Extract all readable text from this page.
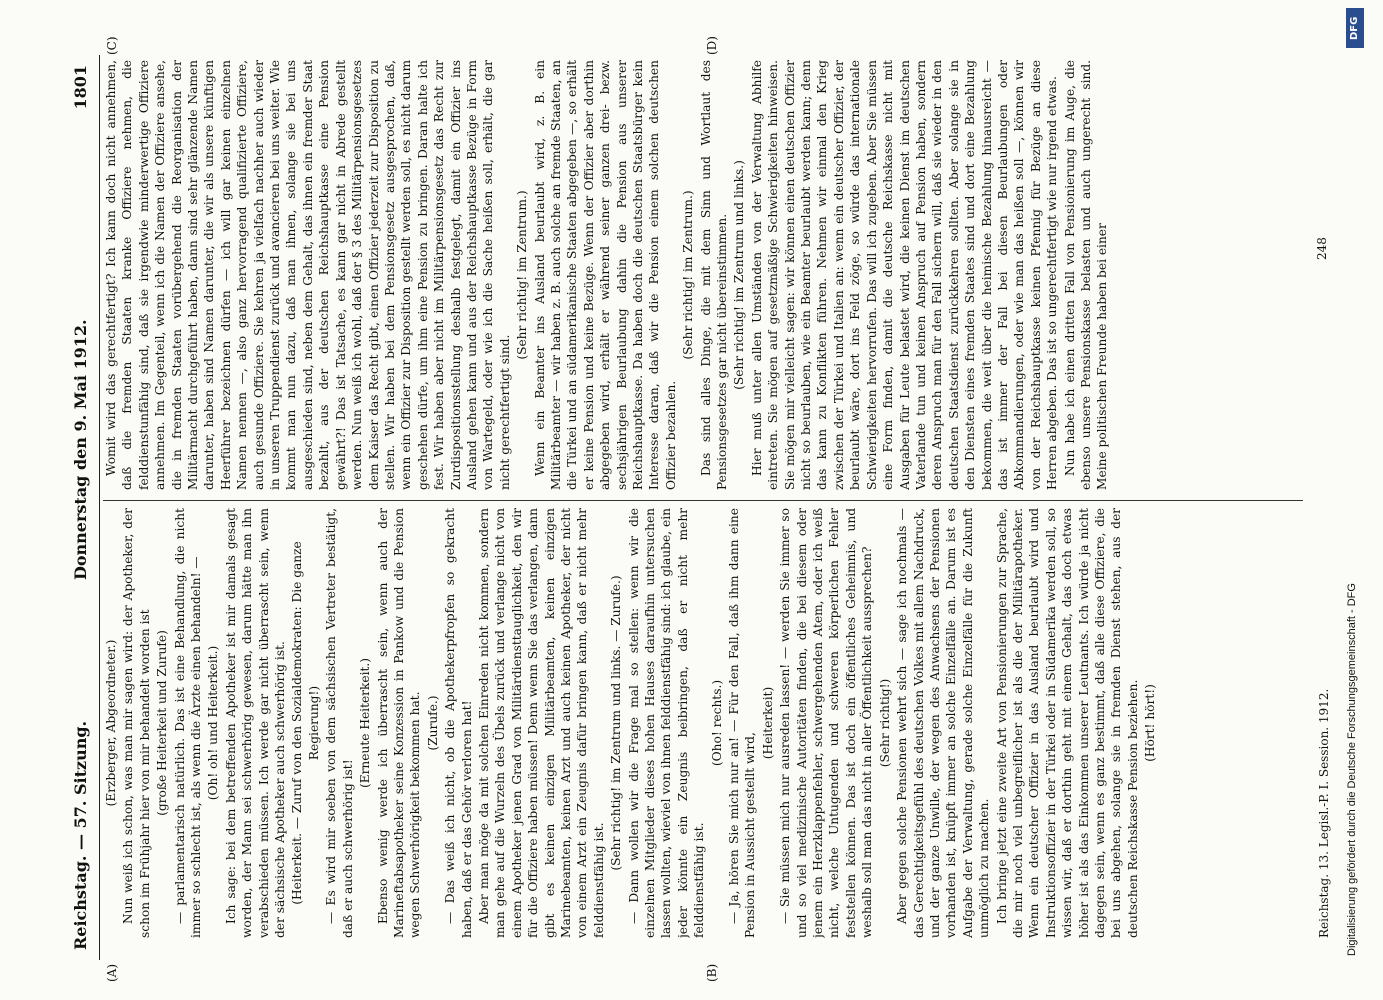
Reichstag. — 57. Sitzung.
Donnerstag den 9. Mai 1912.
1801

(Erzberger, Abgeordneter.) Nun weiß ich schon, was man mir sagen wird: der Apotheker, der schon im Frühjahr hier von mir behandelt worden ist (große Heiterkeit und Zurufe) — parlamentarisch natürlich. Das ist eine Behandlung, die nicht immer so schlecht ist, als wenn die Ärzte einen behandeln! — (Oh! oh! und Heiterkeit.) Ich sage: bei dem betreffenden Apotheker ist mir damals gesagt worden, der Mann sei schwerhörig gewesen, darum hätte man ihn verabschieden müssen. Ich werde gar nicht überrascht sein, wenn der sächsische Apotheker auch schwerhörig ist. (Heiterkeit. — Zuruf von den Sozialdemokraten: Die ganze Regierung!) — Es wird mir soeben von dem sächsischen Vertreter bestätigt, daß er auch schwerhörig ist!

(Erneute Heiterkeit.) Ebenso wenig werde ich überrascht sein, wenn auch der Marineftabsapotheker seine Konzession in Pankow und die Pension wegen Schwerhörigkeit bekommen hat. (Zurufe.) — Das weiß ich nicht, ob die Apothekerpfropfen so gekracht haben, daß er das Gehör verloren hat! Aber man möge da mit solchen Einreden nicht kommen, sondern man gehe auf die Wurzeln des Übels zurück und verlange nicht von einem Apotheker jenen Grad von Militärdiensttauglichkeit, den wir für die Offiziere haben müssen! Denn wenn Sie das verlangen, dann gibt es keinen einzigen Militärbeamten, keinen einzigen Marinebeamten, keinen Arzt und auch keinen Apotheker, der nicht von einem Arzt ein Zeugnis dafür bringen kann, daß er nicht mehr felddienstfähig ist.

(Sehr richtig! im Zentrum und links. — Zurufe.) — Dann wollen wir die Frage mal so stellen: wenn wir die einzelnen Mitglieder dieses hohen Hauses daraufhin untersuchen lassen wollten, wieviel von ihnen felddienstfähig sind: ich glaube, ein jeder könnte ein Zeugnis beibringen, daß er nicht mehr felddienstfähig ist.

(Oho! rechts.) — Ja, hören Sie mich nur an! — Für den Fall, daß ihm dann eine Pension in Aussicht gestellt wird,

(Heiterkeit) — Sie müssen mich nur ausreden lassen! — werden Sie immer so und so viel medizinische Autoritäten finden, die bei diesem oder jenem ein Herzklappenfehler, schwergehenden Atem, oder ich weiß nicht, welche Untugenden und schweren körperlichen Fehler feststellen können. Das ist doch ein öffentliches Geheimnis, und weshalb soll man das nicht in aller Öffentlichkeit aussprechen? (Sehr richtig!) Aber gegen solche Pensionen wehrt sich — sage ich nochmals — das Gerechtigkeitsgefühl des deutschen Volkes mit allem Nachdruck, und der ganze Unwille, der wegen des Anwachsens der Pensionen vorhanden ist, knüpft immer an solche Einzelfälle an. Darum ist es Aufgabe der Verwaltung, gerade solche Einzelfälle für die Zukunft unmöglich zu machen. Ich bringe jetzt eine zweite Art von Pensionierungen zur Sprache, die mir noch viel unbegreiflicher ist als die der Militärapotheker. Wenn ein deutscher Offizier in das Ausland beurlaubt wird und Instruktionsoffizier in der Türkei oder in Südamerika werden soll, so wissen wir, daß er dorthin geht mit einem Gehalt, das doch etwas höher ist als das Einkommen unserer Leutnants. Ich würde ja nicht dagegen sein, wenn es ganz bestimmt, daß alle diese Offiziere, die bei uns abgehen, solange sie in fremden Dienst stehen, aus der deutschen Reichskasse Pension beziehen. (Hört! hört!)

Womit wird das gerechtfertigt? Ich kann doch nicht annehmen, daß die fremden Staaten kranke Offiziere nehmen, die felddienstunfähig sind, daß sie irgendwie minderwertige Offiziere annehmen. Im Gegenteil, wenn ich die Namen der Offiziere ansehe, die in fremden Staaten vorübergehend die Reorganisation der Militärmacht durchgeführt haben, dann sind sehr glänzende Namen darunter, haben sind Namen darunter, die wir als unsere künftigen Heerführer bezeichnen dürfen — ich will gar keinen einzelnen Namen nennen —, also ganz hervorragend qualifizierte Offiziere, auch gesunde Offiziere. Sie kehren ja vielfach nachher auch wieder in unseren Truppendienst zurück und avancieren bei uns weiter. Wie kommt man nun dazu, daß man ihnen, solange sie bei uns ausgeschieden sind, neben dem Gehalt, das ihnen ein fremder Staat bezahlt, aus der deutschen Reichshauptkasse eine Pension gewährt?! Das ist Tatsache, es kann gar nicht in Abrede gestellt werden. Nun weiß ich wohl, daß der § 3 des Militärpensionsgesetzes dem Kaiser das Recht gibt, einen Offizier jederzeit zur Disposition zu stellen. Wir haben bei dem Pensionsgesetz ausgesprochen, daß, wenn ein Offizier zur Disposition gestellt werden soll, es nicht darum geschehen dürfe, um ihm eine Pension zu bringen. Daran halte ich fest. Wir haben aber nicht im Militärpensionsgesetz das Recht zur Zurdispositionsstellung deshalb festgelegt, damit ein Offizier ins Ausland gehen kann und aus der Reichshauptkasse Bezüge in Form von Wartegeld, oder wie ich die Sache heißen soll, erhält, die gar nicht gerechtfertigt sind.

(Sehr richtig! im Zentrum.) Wenn ein Beamter ins Ausland beurlaubt wird, z. B. ein Militärbeamter — wir haben z. B. auch solche an fremde Staaten, an die Türkei und an südamerikanische Staaten abgegeben —, so erhält er keine Pension und keine Bezüge. Wenn der Offizier aber dorthin abgegeben wird, erhält er während seiner ganzen drei- bezw. sechsjährigen Beurlaubung dahin die Pension aus unserer Reichshauptkasse. Da haben doch die deutschen Staatsbürger kein Interesse daran, daß wir die Pension einem solchen deutschen Offizier bezahlen.

(Sehr richtig! im Zentrum.) Das sind alles Dinge, die mit dem Sinn und Wortlaut des Pensionsgesetzes gar nicht übereinstimmen. (Sehr richtig! im Zentrum und links.) Hier muß unter allen Umständen von der Verwaltung Abhilfe eintreten. Sie mögen auf gesetzmäßige Schwierigkeiten hinweisen. Sie mögen mir vielleicht sagen: wir können einen deutschen Offizier nicht so beurlauben, wie ein Beamter beurlaubt werden kann; denn das kann zu Konflikten führen. Nehmen wir einmal den Krieg zwischen der Türkei und Italien an: wenn ein deutscher Offizier, der beurlaubt wäre, dort ins Feld zöge, so würde das internationale Schwierigkeiten hervorrufen. Das will ich zugeben. Aber Sie müssen eine Form finden, damit die deutsche Reichskasse nicht mit Ausgaben für Leute belastet wird, die keinen Dienst im deutschen Vaterlande tun und keinen Anspruch auf Pension haben, sondern deren Anspruch man für den Fall sichern will, daß sie wieder in den deutschen Staatsdienst zurückkehren sollten. Aber solange sie in den Diensten eines fremden Staates sind und dort eine Bezahlung bekommen, die weit über die heimische Bezahlung hinausreicht — das ist immer der Fall bei diesen Beurlaubungen oder Abkommandierungen, oder wie man das heißen soll —, können wir von der Reichshauptkasse keinen Pfennig für Bezüge an diese Herren abgeben. Das ist so ungerechtfertigt wie nur irgend etwas. Nun habe ich einen dritten Fall von Pensionierung im Auge, die ebenso unsere Pensionskasse belasten und auch ungerecht sind. Meine politischen Freunde haben bei einer

(A)	(B)
(C)	(D)
Reichstag. 13. Legisl.-P. I. Session. 1912.
248
DFG
Digitalisierung gefördert durch die Deutsche Forschungsgemeinschaft - DFG
